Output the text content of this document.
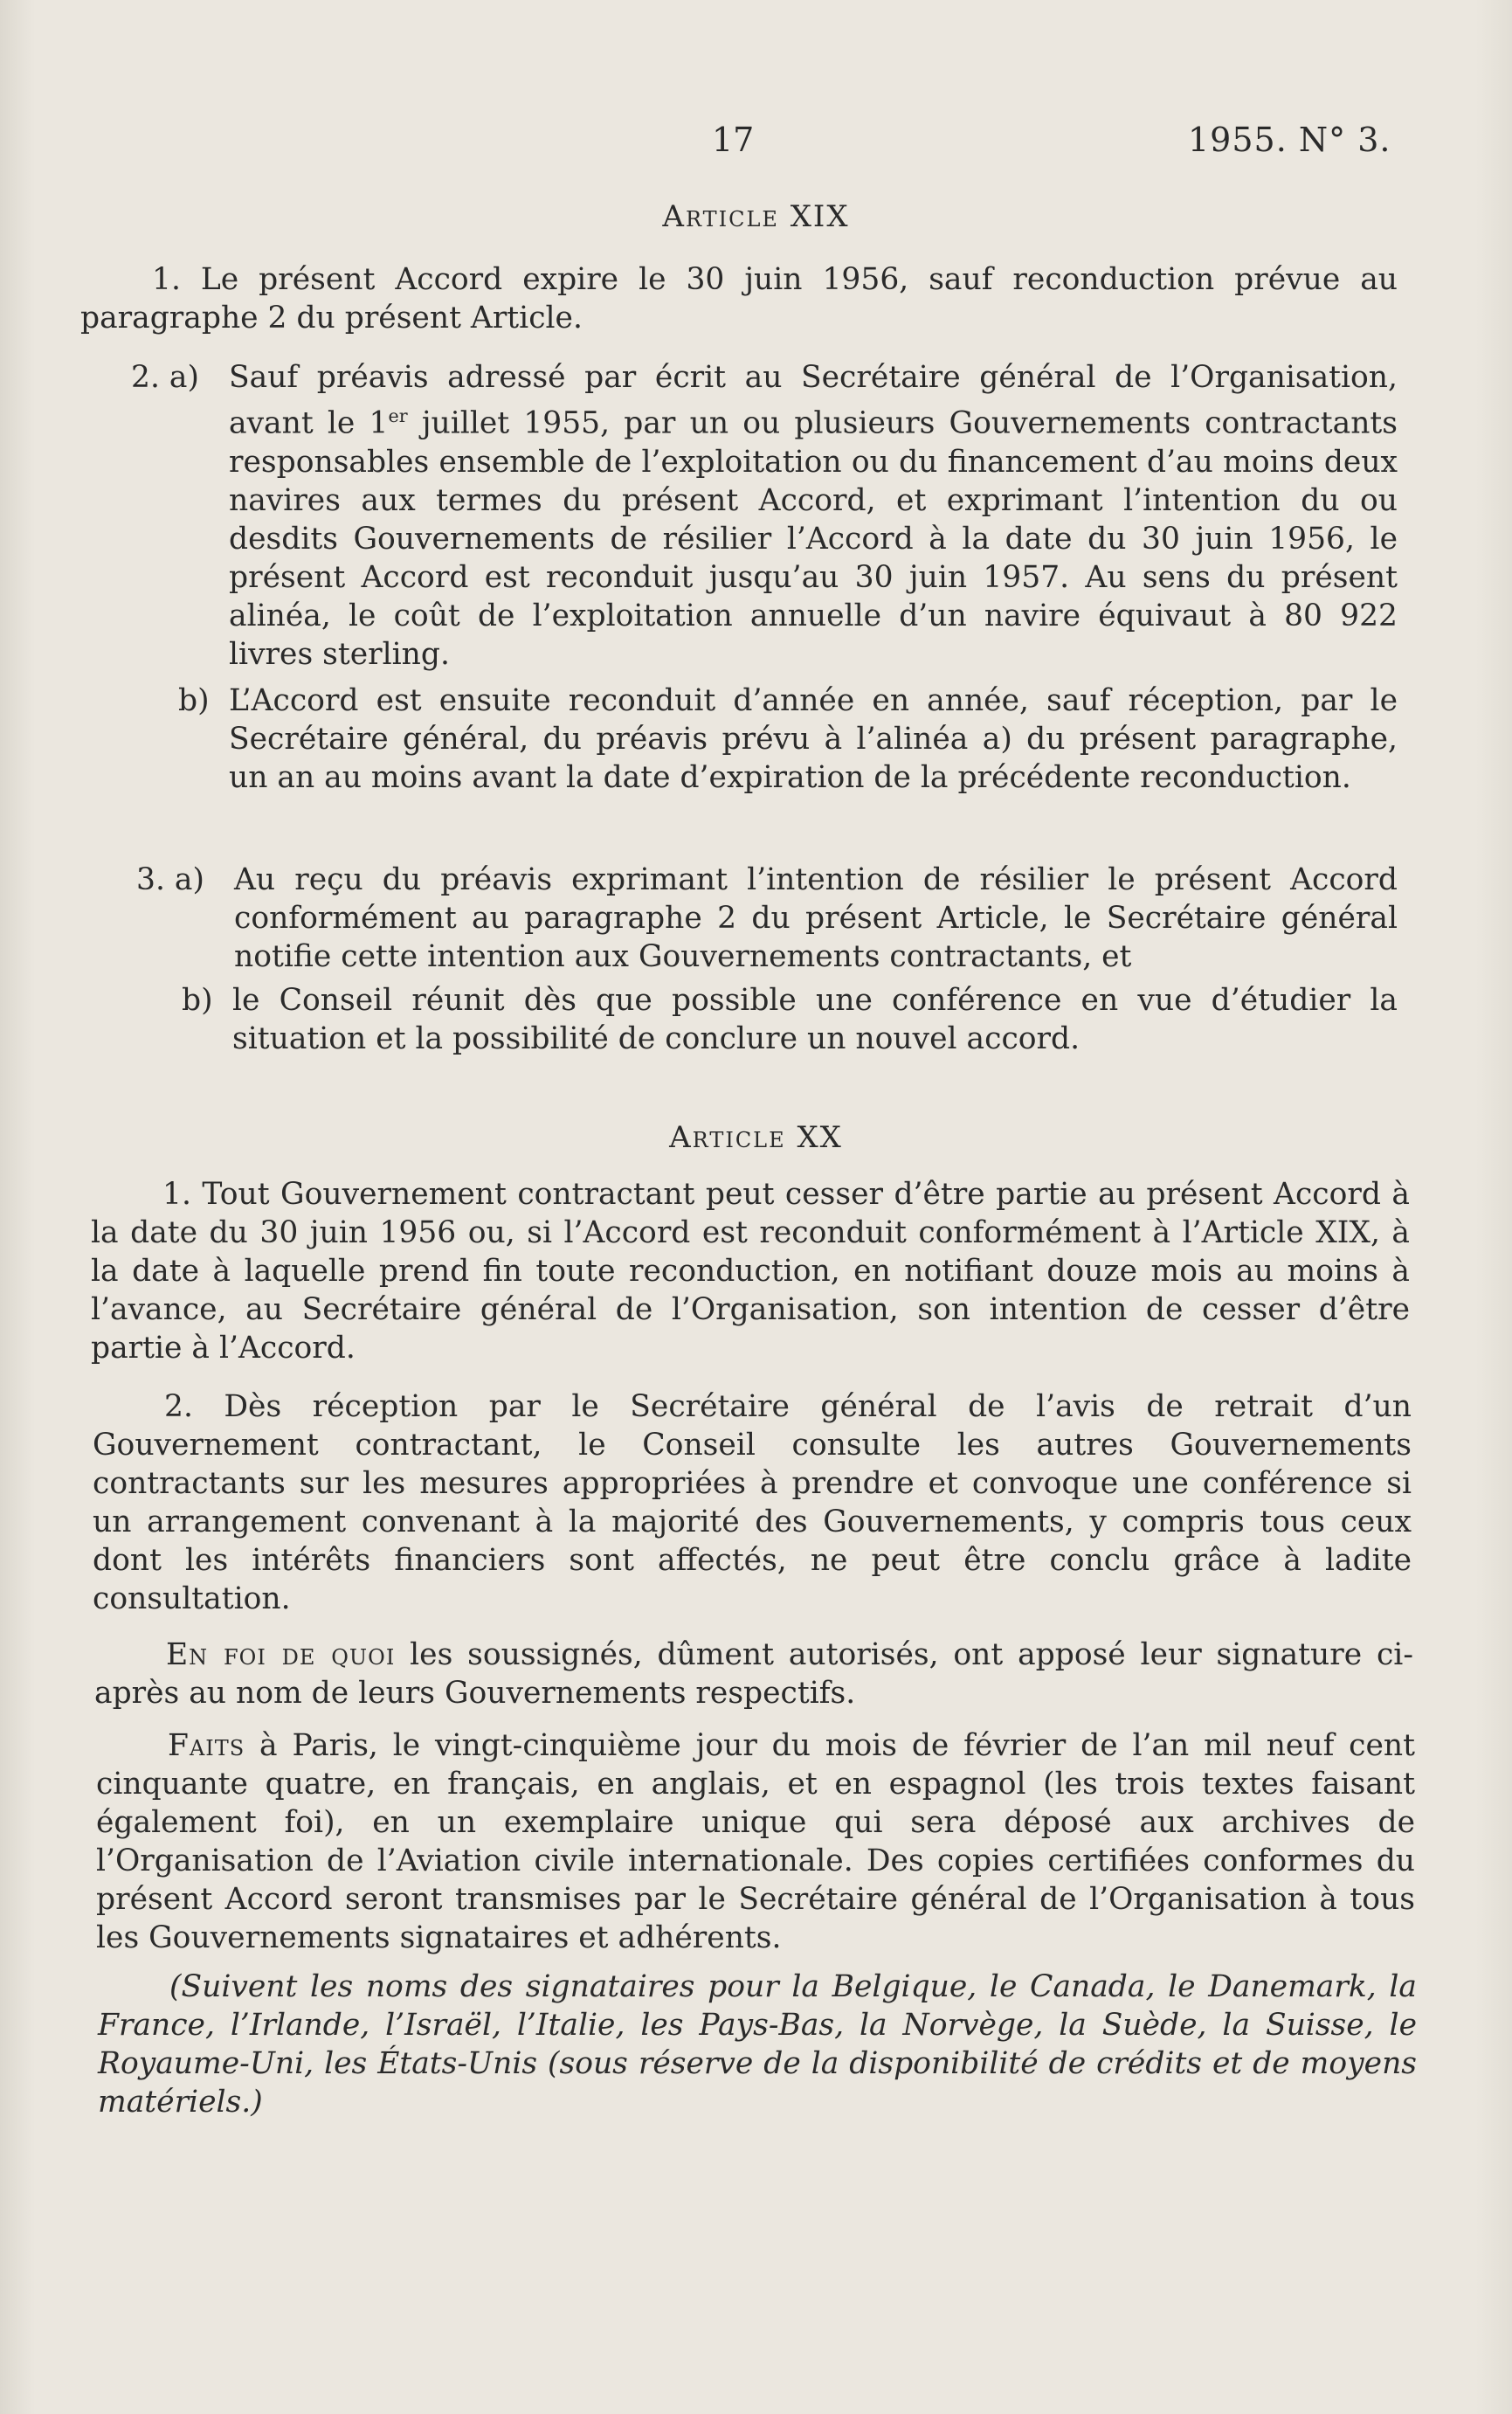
17	1955. N° 3.
Article XIX

1. Le présent Accord expire le 30 juin 1956, sauf reconduction prévue au paragraphe 2 du présent Article.

2. a) Sauf préavis adressé par écrit au Secrétaire général de l’Organisation, avant le 1er juillet 1955, par un ou plusieurs Gouvernements contractants responsables ensemble de l’exploitation ou du financement d’au moins deux navires aux termes du présent Accord, et exprimant l’intention du ou desdits Gouvernements de résilier l’Accord à la date du 30 juin 1956, le présent Accord est reconduit jusqu’au 30 juin 1957. Au sens du présent alinéa, le coût de l’exploitation annuelle d’un navire équivaut à 80 922 livres sterling.
b) L’Accord est ensuite reconduit d’année en année, sauf réception, par le Secrétaire général, du préavis prévu à l’alinéa a) du présent paragraphe, un an au moins avant la date d’expiration de la précédente reconduction.
3. a) Au reçu du préavis exprimant l’intention de résilier le présent Accord conformément au paragraphe 2 du présent Article, le Secrétaire général notifie cette intention aux Gouvernements contractants, et
b) le Conseil réunit dès que possible une conférence en vue d’étudier la situation et la possibilité de conclure un nouvel accord.
Article XX

1. Tout Gouvernement contractant peut cesser d’être partie au présent Accord à la date du 30 juin 1956 ou, si l’Accord est reconduit conformément à l’Article XIX, à la date à laquelle prend fin toute reconduction, en notifiant douze mois au moins à l’avance, au Secrétaire général de l’Organisation, son intention de cesser d’être partie à l’Accord.

2. Dès réception par le Secrétaire général de l’avis de retrait d’un Gouvernement contractant, le Conseil consulte les autres Gouvernements contractants sur les mesures appropriées à prendre et convoque une conférence si un arrangement convenant à la majorité des Gouvernements, y compris tous ceux dont les intérêts financiers sont affectés, ne peut être conclu grâce à ladite consultation.

En foi de quoi les soussignés, dûment autorisés, ont apposé leur signature ci-après au nom de leurs Gouvernements respectifs.

Faits à Paris, le vingt-cinquième jour du mois de février de l’an mil neuf cent cinquante quatre, en français, en anglais, et en espagnol (les trois textes faisant également foi), en un exemplaire unique qui sera déposé aux archives de l’Organisation de l’Aviation civile internationale. Des copies certifiées conformes du présent Accord seront transmises par le Secrétaire général de l’Organisation à tous les Gouvernements signataires et adhérents.

(Suivent les noms des signataires pour la Belgique, le Canada, le Danemark, la France, l’Irlande, l’Israël, l’Italie, les Pays-Bas, la Norvège, la Suède, la Suisse, le Royaume-Uni, les États-Unis (sous réserve de la disponibilité de crédits et de moyens matériels.)
